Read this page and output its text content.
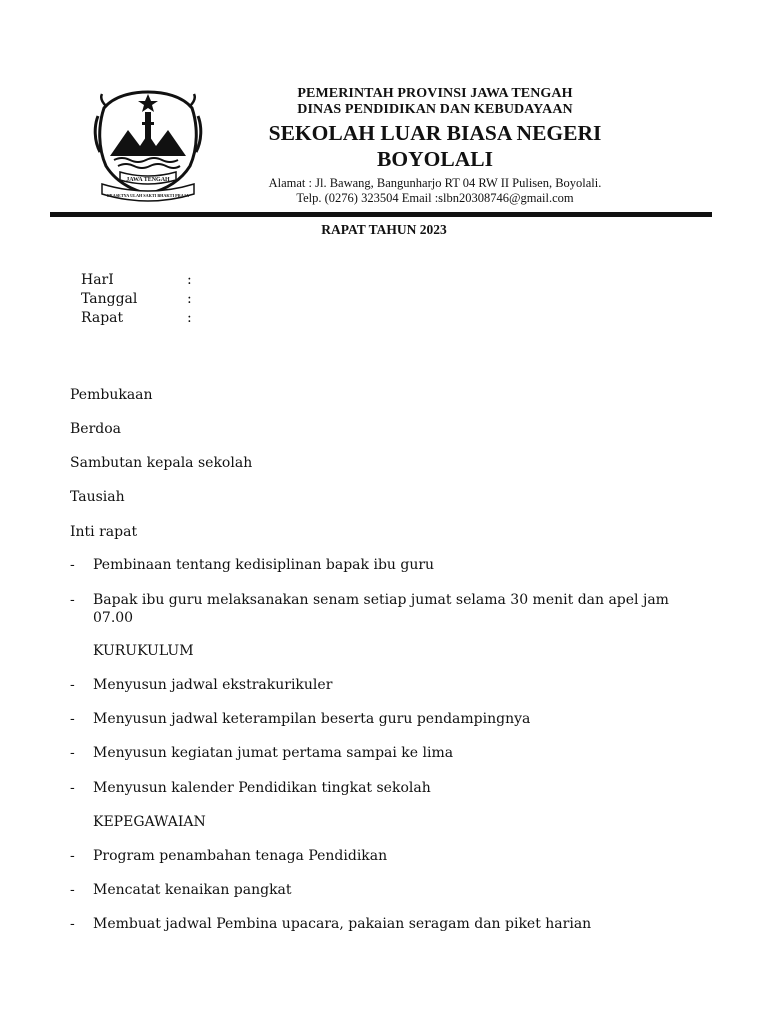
JAWA TENGAH
PRASETYA ULAH SAKTI BHAKTI PRAJA
PEMERINTAH PROVINSI JAWA TENGAH
DINAS PENDIDIKAN DAN KEBUDAYAAN
SEKOLAH LUAR BIASA NEGERI
BOYOLALI
Alamat : Jl. Bawang, Bangunharjo RT 04 RW II Pulisen, Boyolali.
Telp. (0276) 323504 Email :slbn20308746@gmail.com
RAPAT TAHUN 2023
HarI	:
Tanggal	:
Rapat	:
Pembukaan
Berdoa
Sambutan kepala sekolah
Tausiah
Inti rapat
- Pembinaan tentang kedisiplinan bapak ibu guru
- Bapak ibu guru melaksanakan senam setiap jumat selama 30 menit dan apel jam 07.00
KURUKULUM
- Menyusun jadwal ekstrakurikuler
- Menyusun jadwal keterampilan beserta guru pendampingnya
- Menyusun kegiatan jumat pertama sampai ke lima
- Menyusun kalender Pendidikan tingkat sekolah
KEPEGAWAIAN
- Program penambahan tenaga Pendidikan
- Mencatat kenaikan pangkat
- Membuat jadwal Pembina upacara, pakaian seragam dan piket harian
